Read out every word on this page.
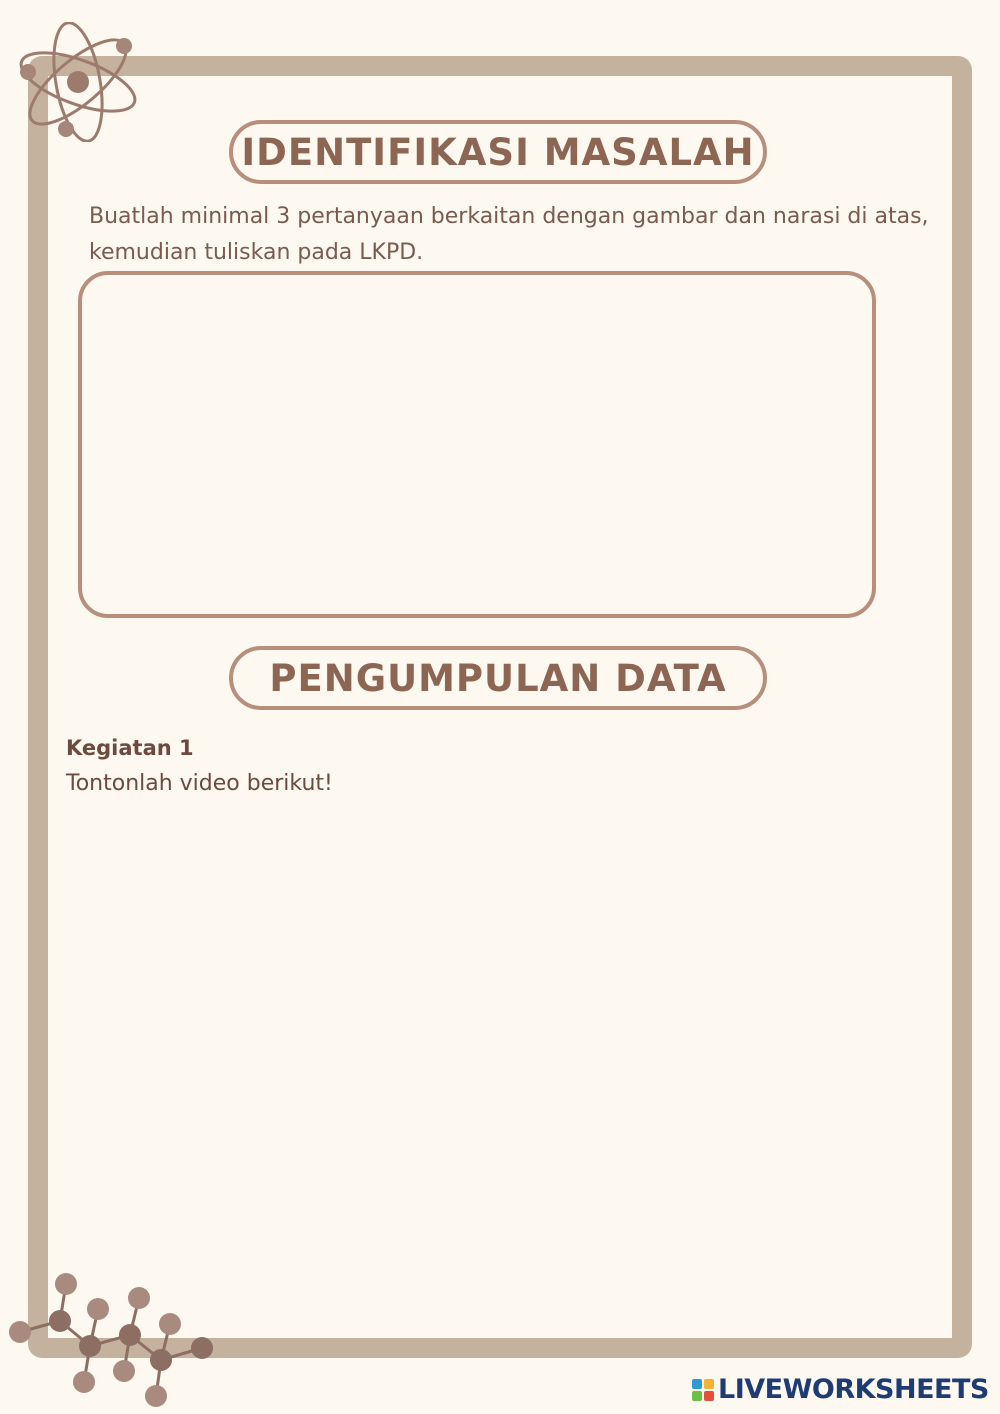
IDENTIFIKASI MASALAH
Buatlah minimal 3 pertanyaan berkaitan dengan gambar dan narasi di atas, kemudian tuliskan pada LKPD.
PENGUMPULAN DATA
Kegiatan 1
Tontonlah video berikut!
LIVEWORKSHEETS
